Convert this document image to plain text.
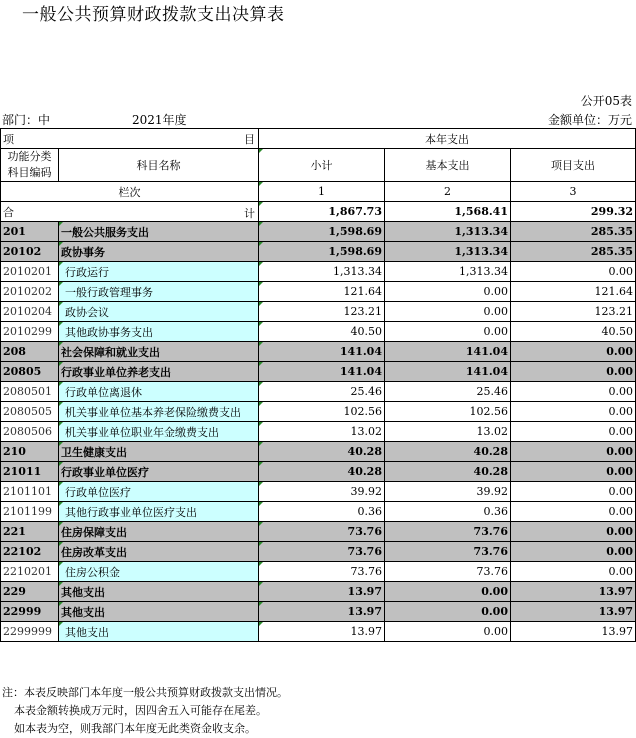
一般公共预算财政拨款支出决算表
公开05表
部门：中	2021年度	金额单位：万元
项 目		本年支出		
功能分类科目编码	科目名称	小计	基本支出	项目支出
栏次		1	2	3
合 计		1,867.73	1,568.41	299.32
201	一般公共服务支出	1,598.69	1,313.34	285.35
20102	政协事务	1,598.69	1,313.34	285.35
2010201	行政运行	1,313.34	1,313.34	0.00
2010202	一般行政管理事务	121.64	0.00	121.64
2010204	政协会议	123.21	0.00	123.21
2010299	其他政协事务支出	40.50	0.00	40.50
208	社会保障和就业支出	141.04	141.04	0.00
20805	行政事业单位养老支出	141.04	141.04	0.00
2080501	行政单位离退休	25.46	25.46	0.00
2080505	机关事业单位基本养老保险缴费支出	102.56	102.56	0.00
2080506	机关事业单位职业年金缴费支出	13.02	13.02	0.00
210	卫生健康支出	40.28	40.28	0.00
21011	行政事业单位医疗	40.28	40.28	0.00
2101101	行政单位医疗	39.92	39.92	0.00
2101199	其他行政事业单位医疗支出	0.36	0.36	0.00
221	住房保障支出	73.76	73.76	0.00
22102	住房改革支出	73.76	73.76	0.00
2210201	住房公积金	73.76	73.76	0.00
229	其他支出	13.97	0.00	13.97
22999	其他支出	13.97	0.00	13.97
2299999	其他支出	13.97	0.00	13.97
注：本表反映部门本年度一般公共预算财政拨款支出情况。
本表金额转换成万元时，因四舍五入可能存在尾差。
如本表为空，则我部门本年度无此类资金收支余。
